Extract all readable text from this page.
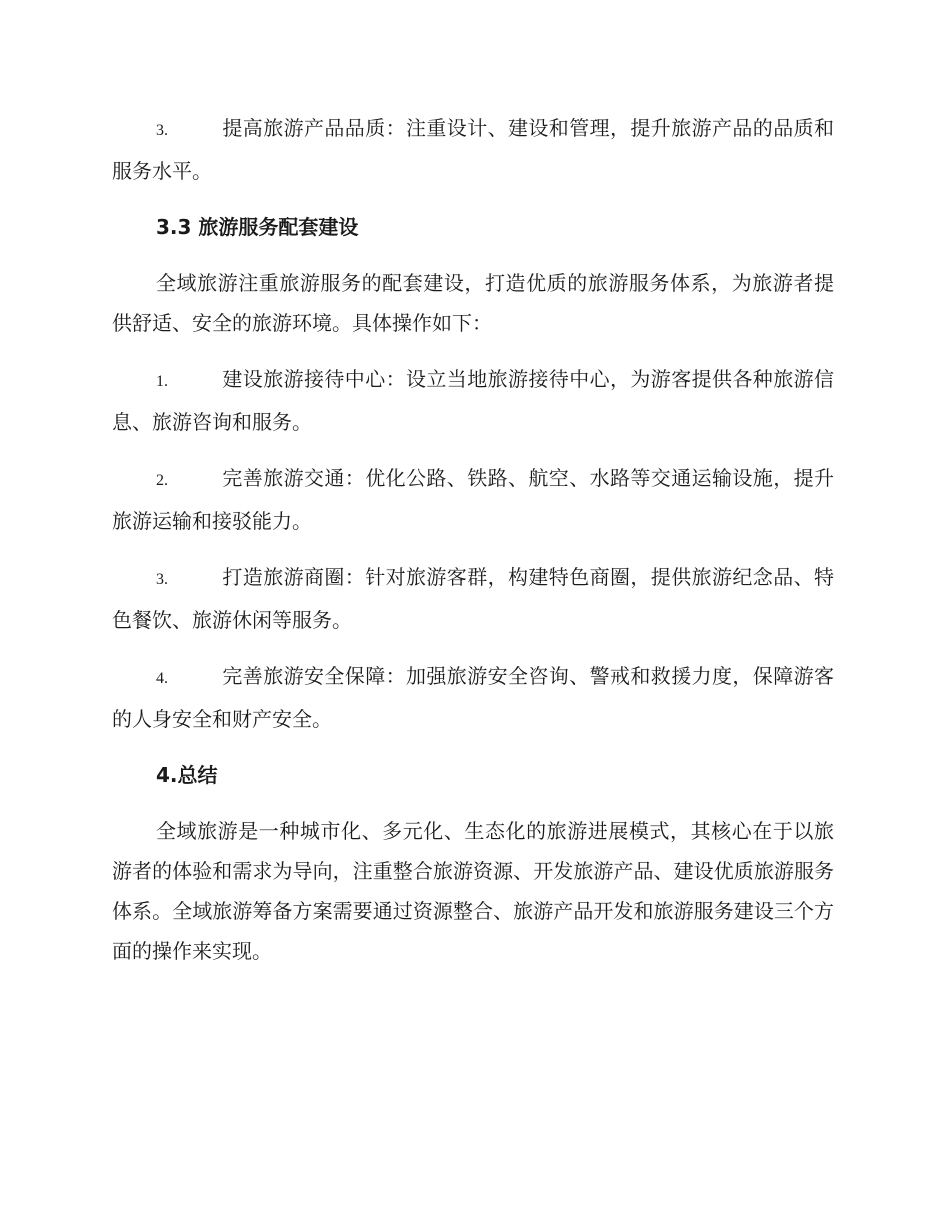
3.	提高旅游产品品质：注重设计、建设和管理，提升旅游产品的品质和服务水平。

3.3 旅游服务配套建设

全域旅游注重旅游服务的配套建设，打造优质的旅游服务体系，为旅游者提供舒适、安全的旅游环境。具体操作如下：

1.	建设旅游接待中心：设立当地旅游接待中心，为游客提供各种旅游信息、旅游咨询和服务。

2.	完善旅游交通：优化公路、铁路、航空、水路等交通运输设施，提升旅游运输和接驳能力。

3.	打造旅游商圈：针对旅游客群，构建特色商圈，提供旅游纪念品、特色餐饮、旅游休闲等服务。

4.	完善旅游安全保障：加强旅游安全咨询、警戒和救援力度，保障游客的人身安全和财产安全。

4.总结

全域旅游是一种城市化、多元化、生态化的旅游进展模式，其核心在于以旅游者的体验和需求为导向，注重整合旅游资源、开发旅游产品、建设优质旅游服务体系。全域旅游筹备方案需要通过资源整合、旅游产品开发和旅游服务建设三个方面的操作来实现。
